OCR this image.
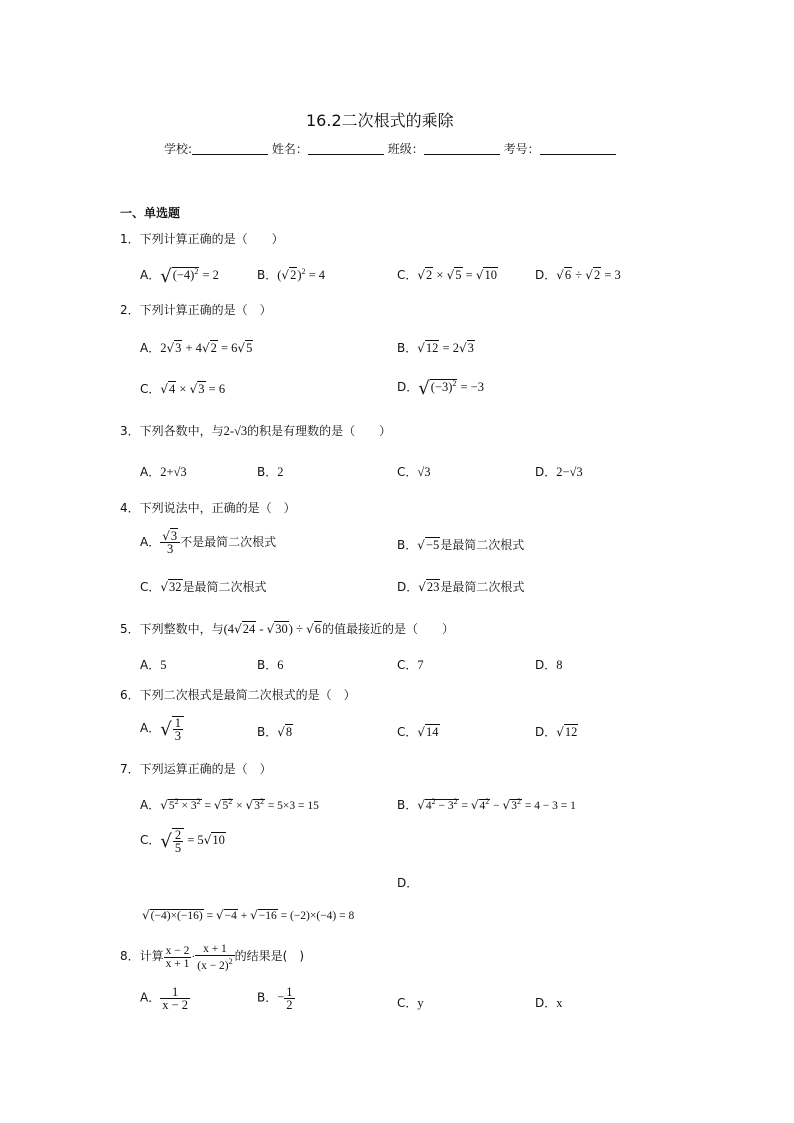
16.2二次根式的乘除
学校:	姓名：	班级：	考号：
一、单选题
1．下列计算正确的是（　　）
A．$√(-4)^2 = 2$	B．$(√2)^2 = 4$	C．√2 × √5 = √10	D．√6 ÷ √2 = 3
2．下列计算正确的是（　）
A．2√3 + 4√2 = 6√5	B．√12 = 2√3
C．√4 × √3 = 6	D．$√(-3)^2 = -3$
3．下列各数中，与2-√3的积是有理数的是（　　）
A．2+√3	B．2	C．√3	D．2−√3
4．下列说法中，正确的是（　）
A． $\frac{√3}{3}$ 不是最简二次根式	B．√−5是最简二次根式
C．√32是最简二次根式	D．√23是最简二次根式
5．下列整数中，与(4√24 - √30) ÷ √6的值最接近的是（　　）
A．5	B．6	C．7	D．8
6．下列二次根式是最简二次根式的是（　）
A．√ $\frac{1}{3}$	B．√8	C．√14	D．√12
7．下列运算正确的是（　）
A．$√5^2 \times 3^2 = √5^2 \times √3^2 = 5\times 3 = 15$	B．$√4^2 - 3^2 = √4^2 - √3^2 = 4 - 3 = 1$
C．√ $\frac{2}{5} = 5√10$
D．
√(−4)×(−16) = √−4 + √−16 = (−2)×(−4) = 8
8．计算 $\frac{x - 2}{x + 1} \cdot \frac{x + 1}{(x - 2)^2}$ 的结果是(　)
A． $\frac{1}{x - 2}$	B．− $\frac{1}{2}$	C．y	D．x
